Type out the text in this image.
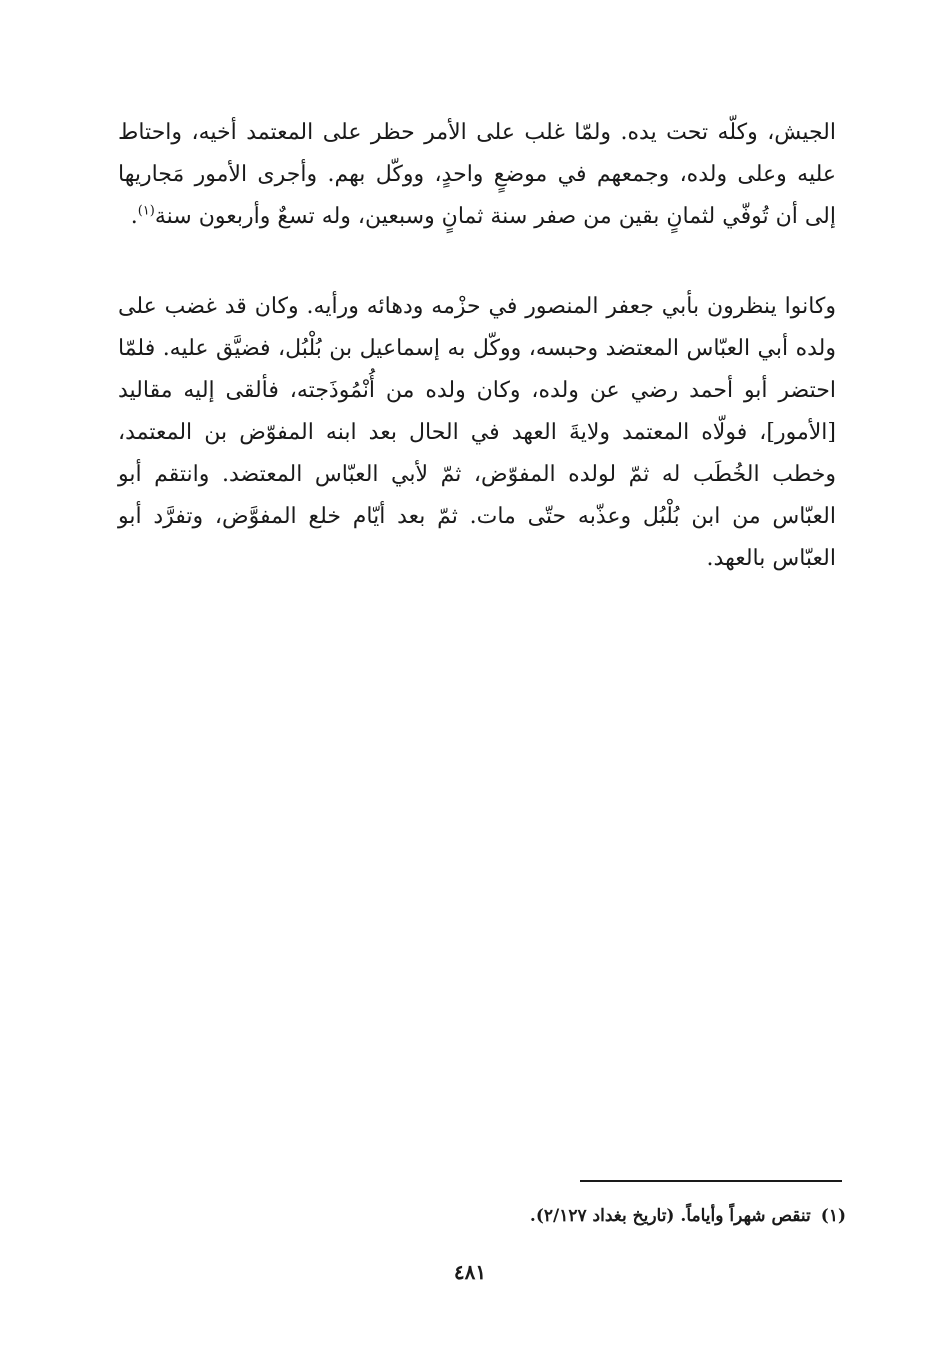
الجيش، وكلّه تحت يده. ولمّا غلب على الأمر حظر على المعتمد أخيه، واحتاط عليه وعلى ولده، وجمعهم في موضعٍ واحدٍ، ووكّل بهم. وأجرى الأمور مَجاريها إلى أن تُوفّي لثمانٍ بقين من صفر سنة ثمانٍ وسبعين، وله تسعٌ وأربعون سنة$^{(١)}$.

وكانوا ينظرون بأبي جعفر المنصور في حزْمه ودهائه ورأيه. وكان قد غضب على ولده أبي العبّاس المعتضد وحبسه، ووكّل به إسماعيل بن بُلْبُل، فضيَّق عليه. فلمّا احتضر أبو أحمد رضي عن ولده، وكان ولده من أُنْمُوذَجته، فألقى إليه مقاليد [الأمور]، فولّاه المعتمد ولايةَ العهد في الحال بعد ابنه المفوّض بن المعتمد، وخطب الخُطَب له ثمّ لولده المفوّض، ثمّ لأبي العبّاس المعتضد. وانتقم أبو العبّاس من ابن بُلْبُل وعذّبه حتّى مات. ثمّ بعد أيّام خلع المفوَّض، وتفرَّد أبو العبّاس بالعهد.

(١)تنقص شهراً وأياماً. (تاريخ بغداد ٢/١٢٧).

٤٨١
